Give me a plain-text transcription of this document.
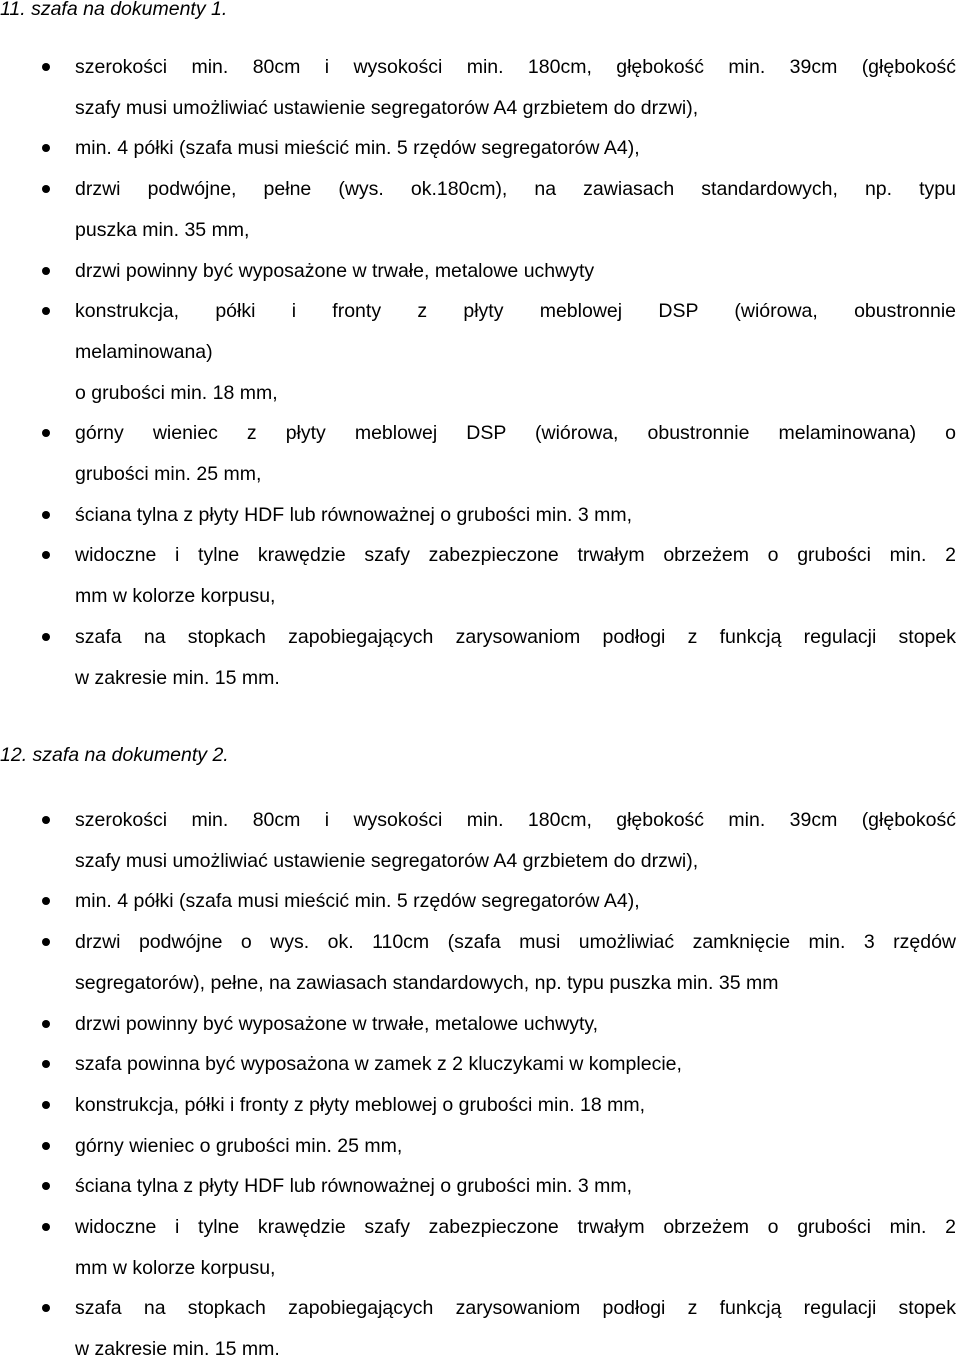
11. szafa na dokumenty 1.
szerokości min. 80cm i wysokości min. 180cm, głębokość min. 39cm (głębokość
szafy musi umożliwiać ustawienie segregatorów A4 grzbietem do drzwi),
min. 4 półki (szafa musi mieścić min. 5 rzędów segregatorów A4),
drzwi podwójne, pełne (wys. ok.180cm), na zawiasach standardowych, np. typu
puszka min. 35 mm,
drzwi powinny być wyposażone w trwałe, metalowe uchwyty
konstrukcja, półki i fronty z płyty meblowej DSP (wiórowa, obustronnie
melaminowana)
o grubości min. 18 mm,
górny wieniec z płyty meblowej DSP (wiórowa, obustronnie melaminowana) o
grubości min. 25 mm,
ściana tylna z płyty HDF lub równoważnej o grubości min. 3 mm,
widoczne i tylne krawędzie szafy zabezpieczone trwałym obrzeżem o grubości min. 2
mm w kolorze korpusu,
szafa na stopkach zapobiegających zarysowaniom podłogi z funkcją regulacji stopek
w zakresie min. 15 mm.
12. szafa na dokumenty 2.
szerokości min. 80cm i wysokości min. 180cm, głębokość min. 39cm (głębokość
szafy musi umożliwiać ustawienie segregatorów A4 grzbietem do drzwi),
min. 4 półki (szafa musi mieścić min. 5 rzędów segregatorów A4),
drzwi podwójne o wys. ok. 110cm (szafa musi umożliwiać zamknięcie min. 3 rzędów
segregatorów), pełne, na zawiasach standardowych, np. typu puszka min. 35 mm
drzwi powinny być wyposażone w trwałe, metalowe uchwyty,
szafa powinna być wyposażona w zamek z 2 kluczykami w komplecie,
konstrukcja, półki i fronty z płyty meblowej o grubości min. 18 mm,
górny wieniec o grubości min. 25 mm,
ściana tylna z płyty HDF lub równoważnej o grubości min. 3 mm,
widoczne i tylne krawędzie szafy zabezpieczone trwałym obrzeżem o grubości min. 2
mm w kolorze korpusu,
szafa na stopkach zapobiegających zarysowaniom podłogi z funkcją regulacji stopek
w zakresie min. 15 mm.
